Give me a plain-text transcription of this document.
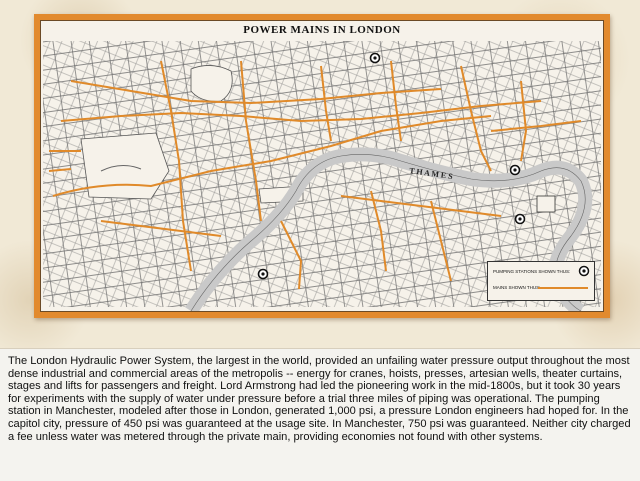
T H A M E S
POWER MAINS IN LONDON
PUMPING STATIONS SHOWN THUS:
MAINS SHOWN THUS:
The London Hydraulic Power System, the largest in the world, provided an unfailing water pressure output throughout the most dense industrial and commercial areas of the metropolis -- energy for cranes, hoists, presses, artesian wells, theater curtains, stages and lifts for passengers and freight. Lord Armstrong had led the pioneering work in the mid-1800s, but it took 30 years for experiments with the supply of water under pressure before a trial three miles of piping was operational. The pumping station in Manchester, modeled after those in London, generated 1,000 psi, a pressure London engineers had hoped for. In the capitol city, pressure of 450 psi was guaranteed at the usage site. In Manchester, 750 psi was guaranteed. Neither city charged a fee unless water was metered through the private main, providing economies not found with other systems.
